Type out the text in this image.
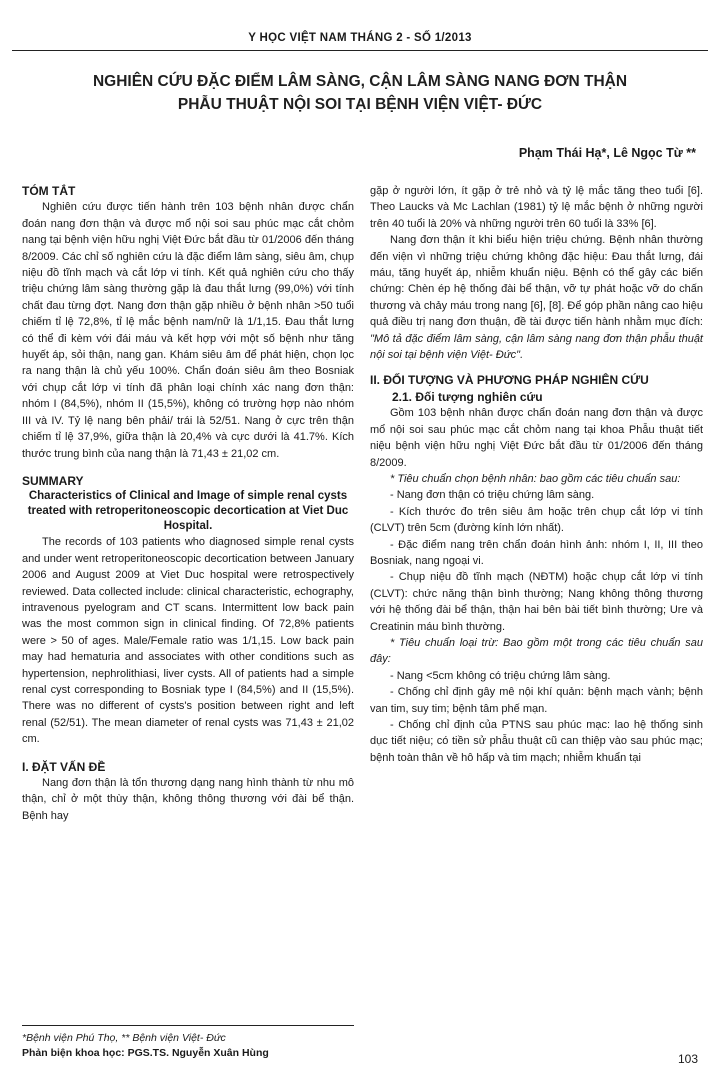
Y HỌC VIỆT NAM THÁNG 2 - SỐ 1/2013
NGHIÊN CỨU ĐẶC ĐIỂM LÂM SÀNG, CẬN LÂM SÀNG NANG ĐƠN THẬN
PHẪU THUẬT NỘI SOI TẠI BỆNH VIỆN VIỆT- ĐỨC
Phạm Thái Hạ*, Lê Ngọc Từ **

TÓM TẮT

Nghiên cứu được tiến hành trên 103 bệnh nhân được chẩn đoán nang đơn thận và được mổ nội soi sau phúc mạc cắt chỏm nang tại bệnh viện hữu nghị Việt Đức bắt đầu từ 01/2006 đến tháng 8/2009. Các chỉ số nghiên cứu là đặc điểm lâm sàng, siêu âm, chụp niệu đồ tĩnh mạch và cắt lớp vi tính. Kết quả nghiên cứu cho thấy triệu chứng lâm sàng thường gặp là đau thắt lưng (99,0%) với tính chất đau từng đợt. Nang đơn thận gặp nhiều ở bệnh nhân >50 tuổi chiếm tỉ lệ 72,8%, tỉ lệ mắc bệnh nam/nữ là 1/1,15. Đau thắt lưng có thể đi kèm với đái máu và kết hợp với một số bệnh như tăng huyết áp, sỏi thận, nang gan. Khám siêu âm để phát hiện, chọn lọc ra nang thận là chủ yếu 100%. Chẩn đoán siêu âm theo Bosniak với chụp cắt lớp vi tính đã phân loại chính xác nang đơn thận: nhóm I (84,5%), nhóm II (15,5%), không có trường hợp nào nhóm III và IV. Tỷ lệ nang bên phải/ trái là 52/51. Nang ở cực trên thận chiếm tỉ lệ 37,9%, giữa thận là 20,4% và cực dưới là 41.7%. Kích thước trung bình của nang thận là 71,43 ± 21,02 cm.

SUMMARY

Characteristics of Clinical and Image of simple renal cysts treated with retroperitoneoscopic decortication at Viet Duc Hospital.

The records of 103 patients who diagnosed simple renal cysts and under went retroperitoneoscopic decortication between January 2006 and August 2009 at Viet Duc hospital were retrospectively reviewed. Data collected include: clinical characteristic, echography, intravenous pyelogram and CT scans. Intermittent low back pain was the most common sign in clinical finding. Of 72,8% patients were > 50 of ages. Male/Female ratio was 1/1,15. Low back pain may had hematuria and associates with other conditions such as hypertension, nephrolithiasi, liver cysts. All of patients had a simple renal cyst corresponding to Bosniak type I (84,5%) and II (15,5%). There was no different of cysts's position between right and left renal (52/51). The mean diameter of renal cysts was 71,43 ± 21,02 cm.

I. ĐẶT VẤN ĐỀ

Nang đơn thận là tổn thương dạng nang hình thành từ nhu mô thận, chỉ ở một thùy thận, không thông thương với đài bể thận. Bệnh hay

gặp ở người lớn, ít gặp ở trẻ nhỏ và tỷ lệ mắc tăng theo tuổi [6]. Theo Laucks và Mc Lachlan (1981) tỷ lệ mắc bệnh ở những người trên 40 tuổi là 20% và những người trên 60 tuổi là 33% [6].

Nang đơn thận ít khi biểu hiện triệu chứng. Bệnh nhân thường đến viện vì những triệu chứng không đặc hiệu: Đau thắt lưng, đái máu, tăng huyết áp, nhiễm khuẩn niệu. Bệnh có thể gây các biến chứng: Chèn ép hệ thống đài bể thận, vỡ tự phát hoặc vỡ do chấn thương và chảy máu trong nang [6], [8]. Để góp phần nâng cao hiệu quả điều trị nang đơn thuận, đề tài được tiến hành nhằm mục đích: "Mô tả đặc điểm lâm sàng, cận lâm sàng nang đơn thận phẫu thuật nội soi tại bệnh viện Việt- Đức".

II. ĐỐI TƯỢNG VÀ PHƯƠNG PHÁP NGHIÊN CỨU

2.1. Đối tượng nghiên cứu

Gồm 103 bệnh nhân được chẩn đoán nang đơn thận và được mổ nội soi sau phúc mạc cắt chỏm nang tại khoa Phẫu thuật tiết niệu bệnh viện hữu nghị Việt Đức bắt đầu từ 01/2006 đến tháng 8/2009.

* Tiêu chuẩn chọn bệnh nhân: bao gồm các tiêu chuẩn sau:

- Nang đơn thận có triệu chứng lâm sàng.

- Kích thước đo trên siêu âm hoặc trên chụp cắt lớp vi tính (CLVT) trên 5cm (đường kính lớn nhất).

- Đặc điểm nang trên chẩn đoán hình ảnh: nhóm I, II, III theo Bosniak, nang ngoại vi.

- Chụp niệu đồ tĩnh mạch (NĐTM) hoặc chụp cắt lớp vi tính (CLVT): chức năng thận bình thường; Nang không thông thương với hệ thống đài bể thận, thận hai bên bài tiết bình thường; Ure và Creatinin máu bình thường.

* Tiêu chuẩn loại trừ: Bao gồm một trong các tiêu chuẩn sau đây:

- Nang <5cm không có triệu chứng lâm sàng.

- Chống chỉ định gây mê nội khí quản: bệnh mạch vành; bệnh van tim, suy tim; bệnh tâm phế mạn.

- Chống chỉ định của PTNS sau phúc mạc: lao hệ thống sinh dục tiết niệu; có tiền sử phẫu thuật cũ can thiệp vào sau phúc mạc; bệnh toàn thân về hô hấp và tim mạch; nhiễm khuẩn tại

*Bệnh viện Phú Thọ, ** Bệnh viện Việt- Đức
Phản biện khoa học: PGS.TS. Nguyễn Xuân Hùng	103
